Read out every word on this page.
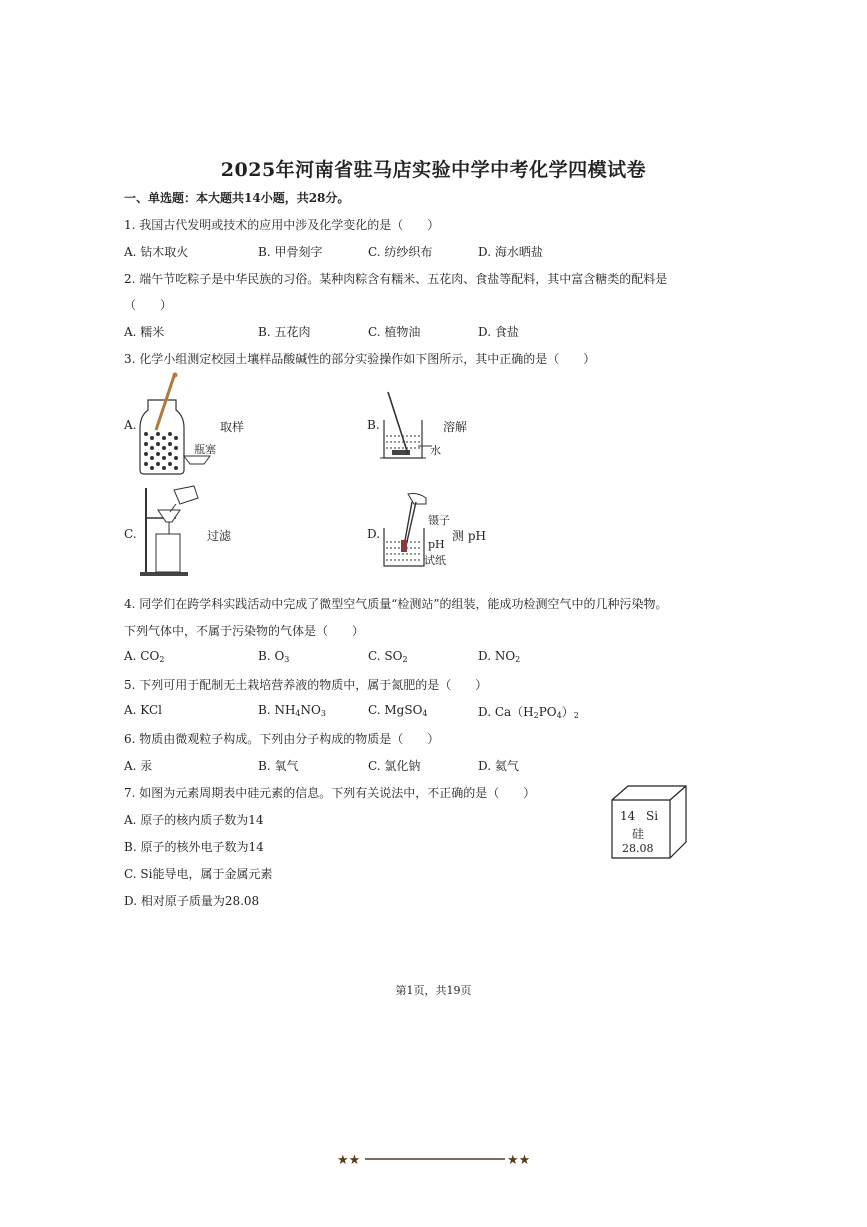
2025年河南省驻马店实验中学中考化学四模试卷
一、单选题：本大题共14小题，共28分。
1. 我国古代发明或技术的应用中涉及化学变化的是（　　）
A. 钻木取火	B. 甲骨刻字	C. 纺纱织布	D. 海水晒盐
2. 端午节吃粽子是中华民族的习俗。某种肉粽含有糯米、五花肉、食盐等配料，其中富含糖类的配料是
（　　）
A. 糯米	B. 五花肉	C. 植物油	D. 食盐
3. 化学小组测定校园土壤样品酸碱性的部分实验操作如下图所示，其中正确的是（　　）
A.	取样
瓶塞
B.	溶解
水
C.	过滤	D.
镊子
测 pH
pH
试纸
4. 同学们在跨学科实践活动中完成了微型空气质量“检测站”的组装，能成功检测空气中的几种污染物。
下列气体中，不属于污染物的气体是（　　）
A. $CO_2$	B. $O_3$	C. $SO_2$	D. $NO_2$
5. 下列可用于配制无土栽培营养液的物质中，属于氮肥的是（　　）
A. KCl	B. $NH_4NO_3$	C. MgSO$_4$	D. $Ca(H_2PO_4)_2$
6. 物质由微观粒子构成。下列由分子构成的物质是（　　）
A. 汞	B. 氧气	C. 氯化钠	D. 氦气
7. 如图为元素周期表中硅元素的信息。下列有关说法中，不正确的是（　　）
A. 原子的核内质子数为14
B. 原子的核外电子数为14
C. Si能导电，属于金属元素
D. 相对原子质量为28.08
14 Si
硅
28.08
第1页，共19页
★★	★★
